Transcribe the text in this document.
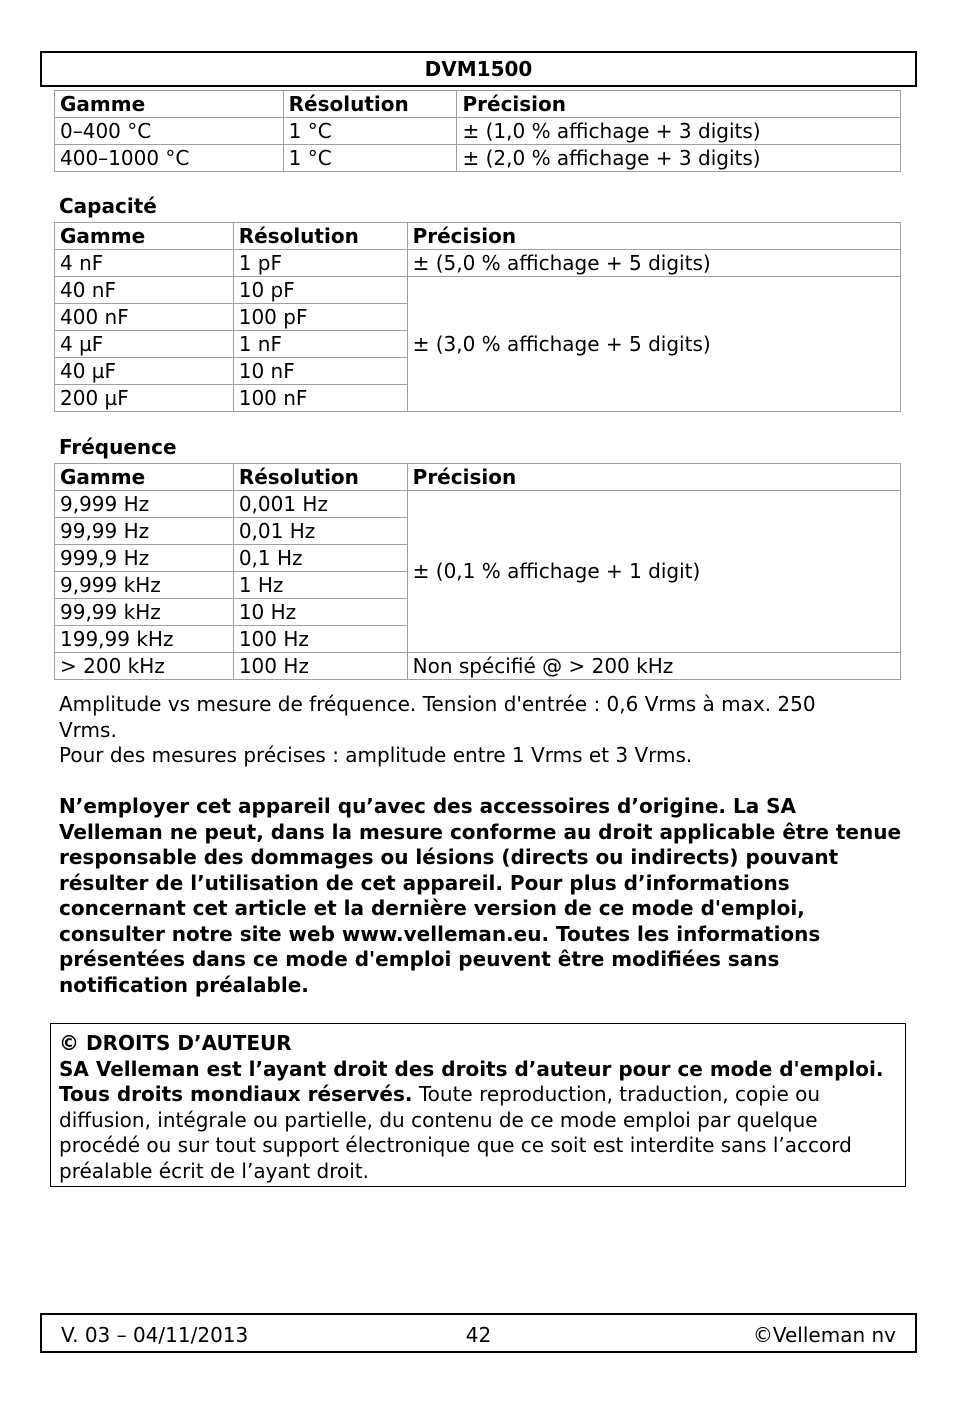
DVM1500
Gamme	Résolution	Précision
0–400 °C	1 °C	± (1,0 % affichage + 3 digits)
400–1000 °C	1 °C	± (2,0 % affichage + 3 digits)
Capacité
Gamme	Résolution	Précision
4 nF	1 pF	± (5,0 % affichage + 5 digits)
40 nF	10 pF	± (3,0 % affichage + 5 digits)
400 nF	100 pF	
4 µF	1 nF	
40 µF	10 nF	
200 µF	100 nF	
Fréquence
Gamme	Résolution	Précision
9,999 Hz	0,001 Hz	± (0,1 % affichage + 1 digit)
99,99 Hz	0,01 Hz	
999,9 Hz	0,1 Hz	
9,999 kHz	1 Hz	
99,99 kHz	10 Hz	
199,99 kHz	100 Hz	
> 200 kHz	100 Hz	Non spécifié @ > 200 kHz

Amplitude vs mesure de fréquence. Tension d'entrée : 0,6 Vrms à max. 250 Vrms.

Pour des mesures précises : amplitude entre 1 Vrms et 3 Vrms.

N’employer cet appareil qu’avec des accessoires d’origine. La SA Velleman ne peut, dans la mesure conforme au droit applicable être tenue responsable des dommages ou lésions (directs ou indirects) pouvant résulter de l’utilisation de cet appareil. Pour plus d’informations concernant cet article et la dernière version de ce mode d'emploi, consulter notre site web www.velleman.eu. Toutes les informations présentées dans ce mode d'emploi peuvent être modifiées sans notification préalable.
© DROITS D’AUTEUR
SA Velleman est l’ayant droit des droits d’auteur pour ce mode d'emploi. Tous droits mondiaux réservés. Toute reproduction, traduction, copie ou diffusion, intégrale ou partielle, du contenu de ce mode emploi par quelque procédé ou sur tout support électronique que ce soit est interdite sans l’accord préalable écrit de l’ayant droit.
42
V. 03 – 04/11/2013	©Velleman nv
